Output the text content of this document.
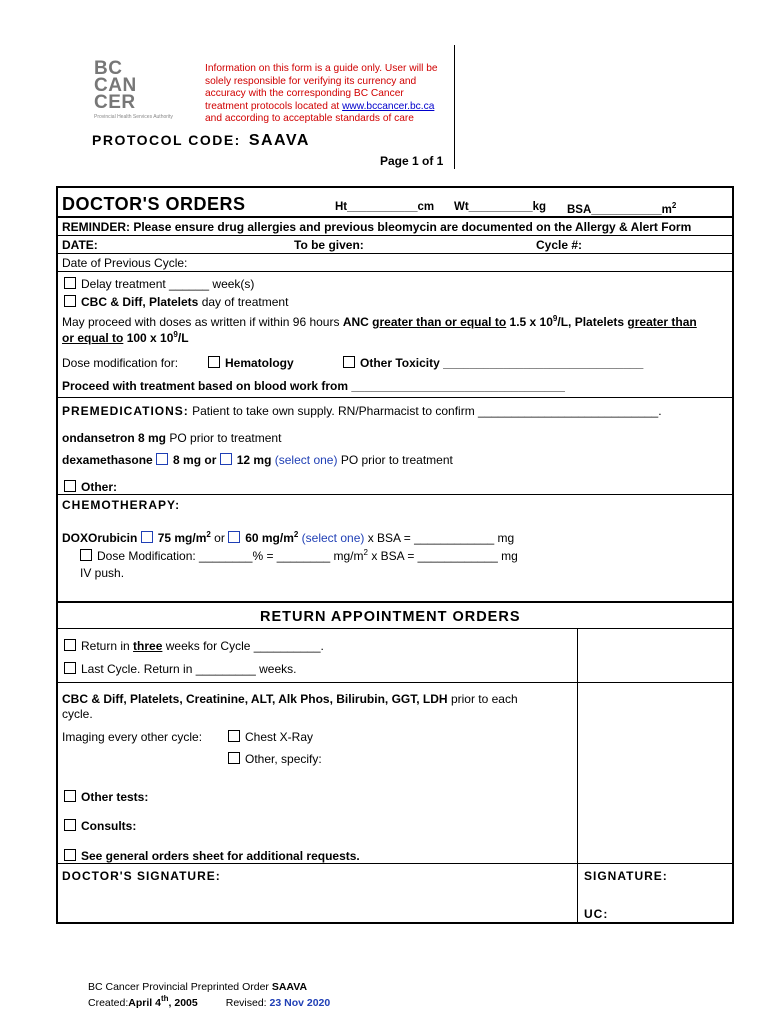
BC
CAN
CER
Provincial Health Services Authority
Information on this form is a guide only. User will be
solely responsible for verifying its currency and
accuracy with the corresponding BC Cancer
treatment protocols located at www.bccancer.bc.ca
and according to acceptable standards of care
PROTOCOL CODE: SAAVA
Page 1 of 1
DOCTOR'S ORDERS	Ht___________cm Wt__________kg $BSA\_\_\_\_\_\_\_\_\_\_\_m^2$
REMINDER: Please ensure drug allergies and previous bleomycin are documented on the Allergy & Alert Form
DATE:	To be given:	Cycle #:
Date of Previous Cycle:
Delay treatment ______ week(s)
CBC & Diff, Platelets day of treatment
May proceed with doses as written if within 96 hours ANC greater than or equal to 1.5 x $10^9/L$, Platelets greater than
or equal to 100 x $10^9/L$
Dose modification for:	Hematology	Other Toxicity ______________________________
Proceed with treatment based on blood work from ________________________________
PREMEDICATIONS: Patient to take own supply. RN/Pharmacist to confirm ___________________________.
ondansetron 8 mg PO prior to treatment
dexamethasone 8 mg or 12 mg (select one) PO prior to treatment
Other:
CHEMOTHERAPY:
DOXOrubicin 75 $mg/m^2$ or 60 $mg/m^2$ (select one) x BSA = ____________ mg
Dose Modification: ________% = ________ $mg/m^2$ x BSA = ____________ mg
IV push.
RETURN APPOINTMENT ORDERS
Return in three weeks for Cycle __________.
Last Cycle. Return in _________ weeks.
CBC & Diff, Platelets, Creatinine, ALT, Alk Phos, Bilirubin, GGT, LDH prior to each
cycle.
Imaging every other cycle:	Chest X-Ray
Other, specify:
Other tests:
Consults:
See general orders sheet for additional requests.
DOCTOR'S SIGNATURE:	SIGNATURE:
UC:
BC Cancer Provincial Preprinted Order SAAVA
Created:April 4th, 2005	Revised: 23 Nov 2020
